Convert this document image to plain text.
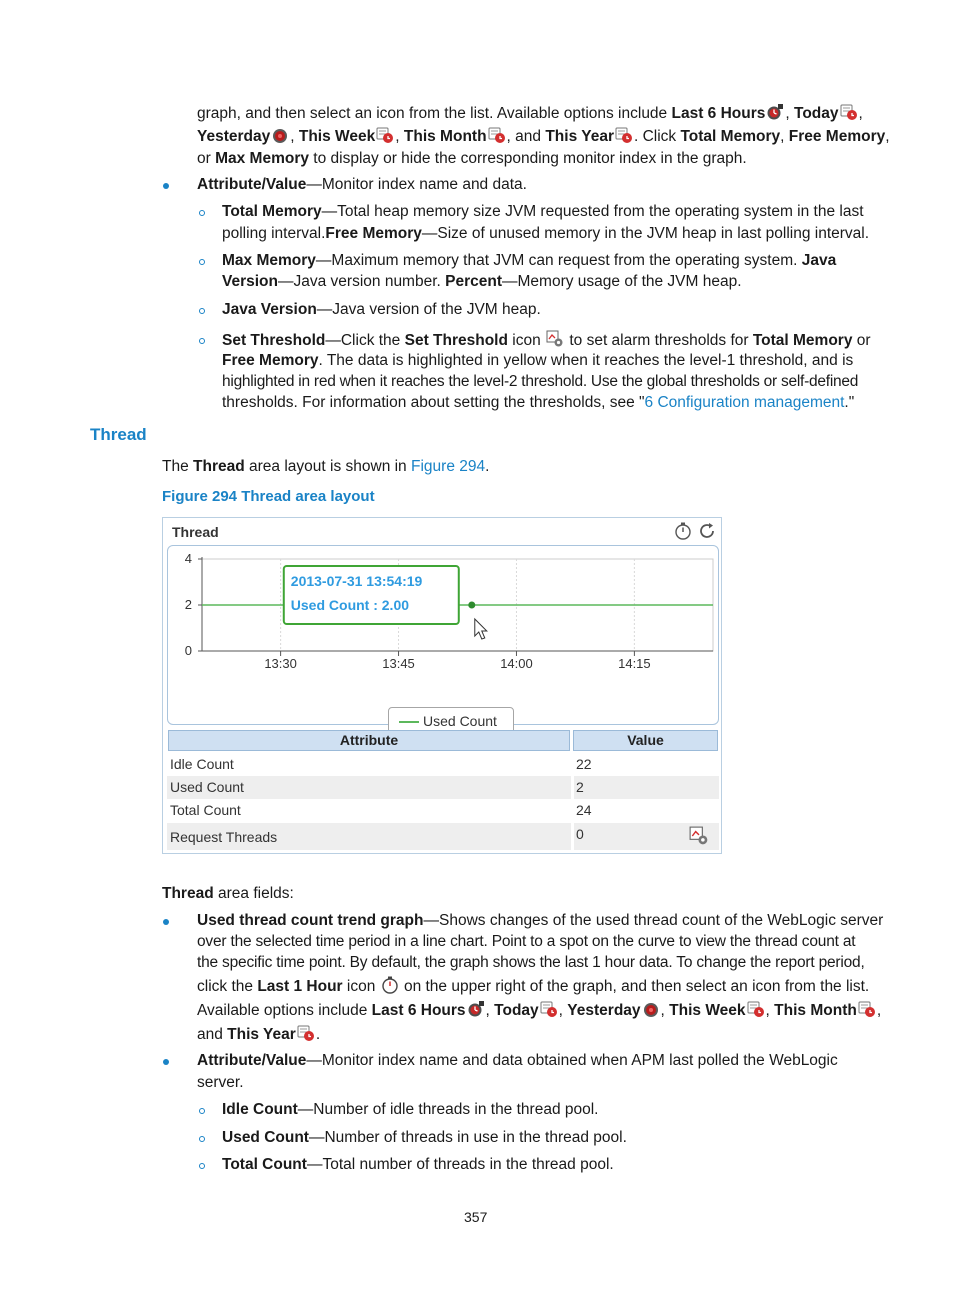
graph, and then select an icon from the list. Available options include Last 6 Hours , Today ,
Yesterday , This Week , This Month , and This Year . Click Total Memory, Free Memory,
or Max Memory to display or hide the corresponding monitor index in the graph.
Attribute/Value—Monitor index name and data.
Total Memory—Total heap memory size JVM requested from the operating system in the last
polling interval.Free Memory—Size of unused memory in the JVM heap in last polling interval.
Max Memory—Maximum memory that JVM can request from the operating system. Java
Version—Java version number. Percent—Memory usage of the JVM heap.
Java Version—Java version of the JVM heap.
Set Threshold—Click the Set Threshold icon  to set alarm thresholds for Total Memory or
Free Memory. The data is highlighted in yellow when it reaches the level-1 threshold, and is
highlighted in red when it reaches the level-2 threshold. Use the global thresholds or self-defined
thresholds. For information about setting the thresholds, see "6 Configuration management."
Thread
The Thread area layout is shown in Figure 294.
Figure 294 Thread area layout
Thread
13:30	13:45	14:00	14:15
0
2
4
2013-07-31 13:54:19
Used Count : 2.00
Used Count
Attribute	Value
Idle Count	22
Used Count	2
Total Count	24
Request Threads	0
Thread area fields:
Used thread count trend graph—Shows changes of the used thread count of the WebLogic server
over the selected time period in a line chart. Point to a spot on the curve to view the thread count at
the specific time point. By default, the graph shows the last 1 hour data. To change the report period,
click the Last 1 Hour icon  on the upper right of the graph, and then select an icon from the list.
Available options include Last 6 Hours , Today , Yesterday , This Week , This Month ,
and This Year .
Attribute/Value—Monitor index name and data obtained when APM last polled the WebLogic
server.
Idle Count—Number of idle threads in the thread pool.
Used Count—Number of threads in use in the thread pool.
Total Count—Total number of threads in the thread pool.
357
